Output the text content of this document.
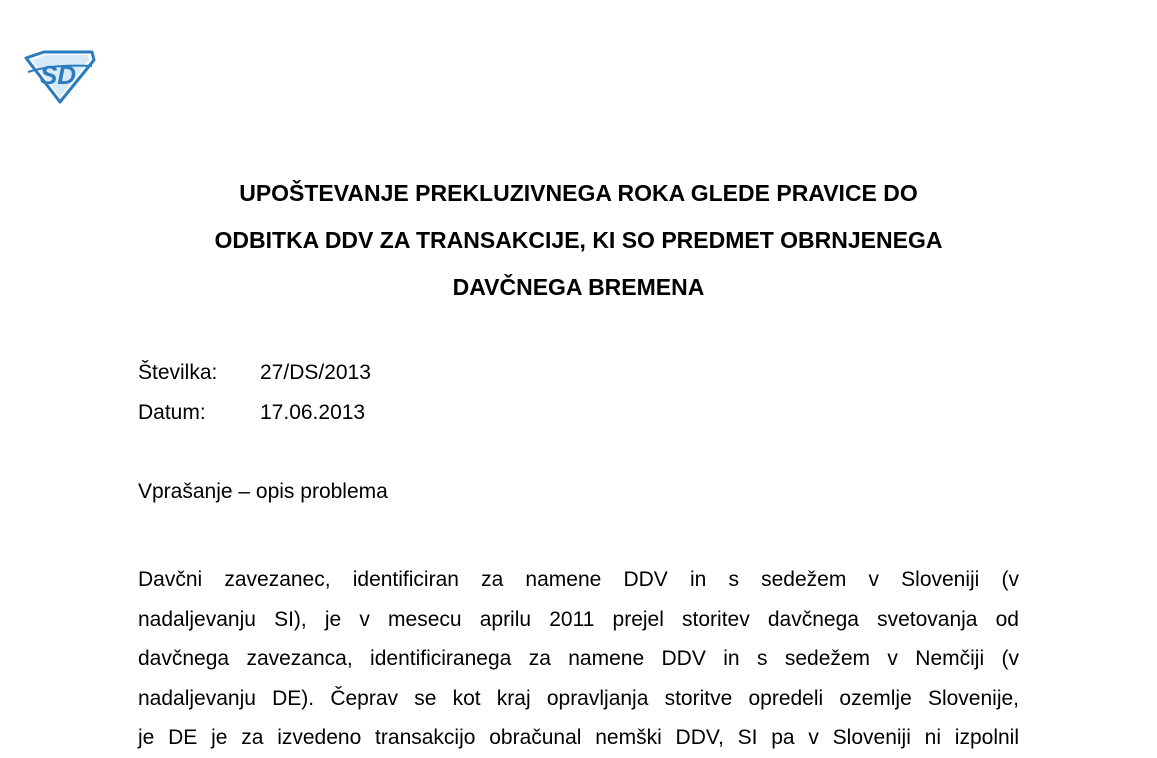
SD
UPOŠTEVANJE PREKLUZIVNEGA ROKA GLEDE PRAVICE DO
ODBITKA DDV ZA TRANSAKCIJE, KI SO PREDMET OBRNJENEGA
DAVČNEGA BREMENA
Številka: 27/DS/2013
Datum:	17.06.2013
Vprašanje – opis problema
Davčni zavezanec, identificiran za namene DDV in s sedežem v Sloveniji (v
nadaljevanju SI), je v mesecu aprilu 2011 prejel storitev davčnega svetovanja od
davčnega zavezanca, identificiranega za namene DDV in s sedežem v Nemčiji (v
nadaljevanju DE). Čeprav se kot kraj opravljanja storitve opredeli ozemlje Slovenije,
je DE je za izvedeno transakcijo obračunal nemški DDV, SI pa v Sloveniji ni izpolnil
